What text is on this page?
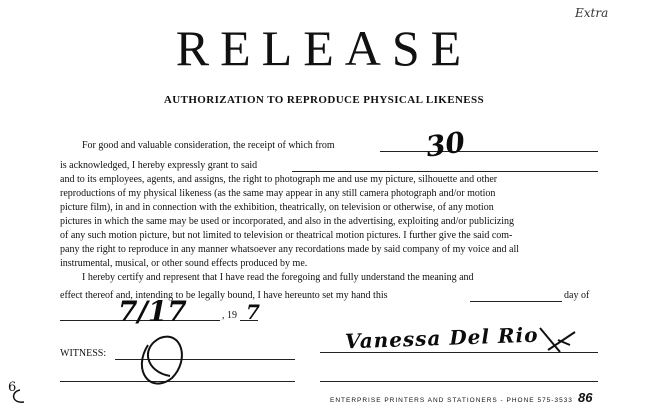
Extra
RELEASE
AUTHORIZATION TO REPRODUCE PHYSICAL LIKENESS
For good and valuable consideration, the receipt of which from
is acknowledged, I hereby expressly grant to said
and to its employees, agents, and assigns, the right to photograph me and use my picture, silhouette and other
reproductions of my physical likeness (as the same may appear in any still camera photograph and/or motion
picture film), in and in connection with the exhibition, theatrically, on television or otherwise, of any motion
pictures in which the same may be used or incorporated, and also in the advertising, exploiting and/or publicizing
of any such motion picture, but not limited to television or theatrical motion pictures. I further give the said com-
pany the right to reproduce in any manner whatsoever any recordations made by said company of my voice and all
instrumental, musical, or other sound effects produced by me.
I hereby certify and represent that I have read the foregoing and fully understand the meaning and
effect thereof and, intending to be legally bound, I have hereunto set my hand this	day of
, 19
WITNESS:
30
7/17	7
Vanessa Del Rio
6
ENTERPRISE PRINTERS AND STATIONERS - PHONE 575-3533 86
